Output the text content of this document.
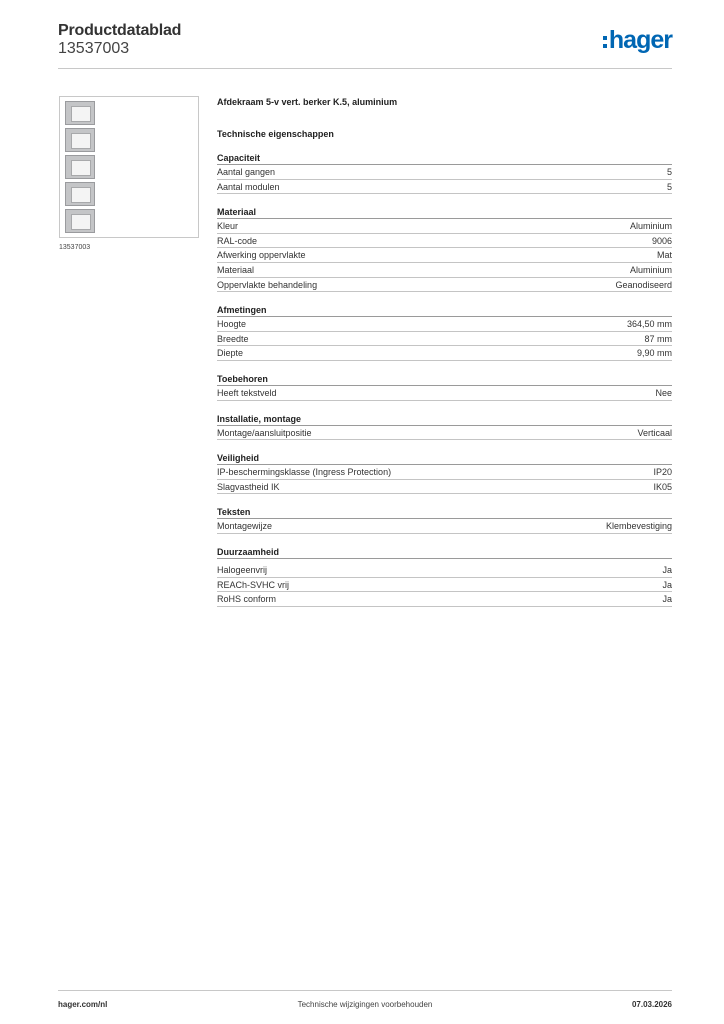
Productdatablad
13537003	hager
13537003
Afdekraam 5-v vert. berker K.5, aluminium
Technische eigenschappen
Capaciteit
Aantal gangen	5
Aantal modulen	5
Materiaal
Kleur	Aluminium
RAL-code	9006
Afwerking oppervlakte	Mat
Materiaal	Aluminium
Oppervlakte behandeling	Geanodiseerd
Afmetingen
Hoogte	364,50 mm
Breedte	87 mm
Diepte	9,90 mm
Toebehoren
Heeft tekstveld	Nee
Installatie, montage
Montage/aansluitpositie	Verticaal
Veiligheid
IP-beschermingsklasse (Ingress Protection)	IP20
Slagvastheid IK	IK05
Teksten
Montagewijze	Klembevestiging
Duurzaamheid
Halogeenvrij	Ja
REACh-SVHC vrij	Ja
RoHS conform	Ja
hager.com/nl	Technische wijzigingen voorbehouden	07.03.2026
